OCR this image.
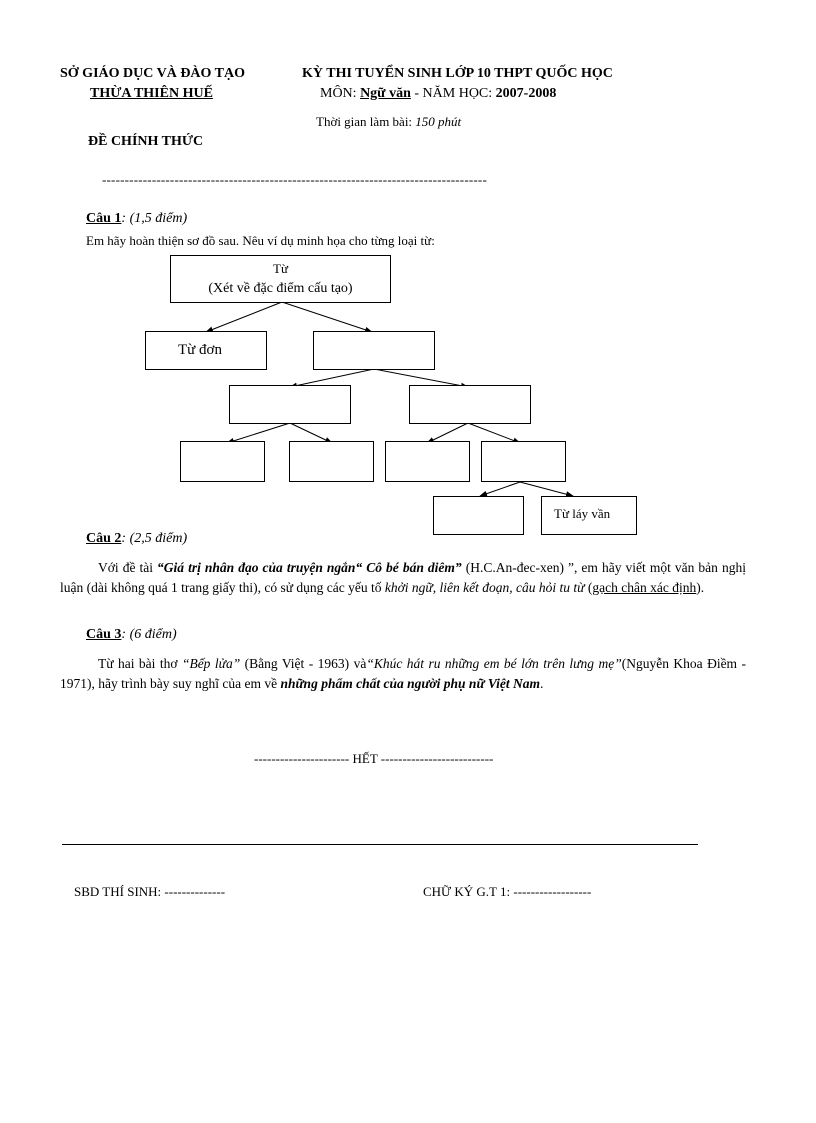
SỞ GIÁO DỤC VÀ ĐÀO TẠO
THỪA THIÊN HUẾ
KỲ THI TUYỂN SINH LỚP 10 THPT QUỐC HỌC
MÔN: Ngữ văn - NĂM HỌC: 2007-2008
Thời gian làm bài: 150 phút
ĐỀ CHÍNH THỨC
-------------------------------------------------------------------------------------
Câu 1: (1,5 điểm)
Em hãy hoàn thiện sơ đồ sau. Nêu ví dụ minh họa cho từng loại từ:
Từ
(Xét về đặc điểm cấu tạo)
Từ đơn
Từ láy vần
Câu 2: (2,5 điểm)
Với đề tài “Giá trị nhân đạo của truyện ngắn“ Cô bé bán diêm” (H.C.An-đec-xen) ”, em hãy viết một văn bản nghị luận (dài không quá 1 trang giấy thi), có sử dụng các yếu tố khởi ngữ, liên kết đoạn, câu hỏi tu từ (gạch chân xác định).
Câu 3: (6 điểm)
Từ hai bài thơ “Bếp lửa” (Bằng Việt - 1963) và“Khúc hát ru những em bé lớn trên lưng mẹ”(Nguyễn Khoa Điềm - 1971), hãy trình bày suy nghĩ của em về những phẩm chất của người phụ nữ Việt Nam.
---------------------- HẾT --------------------------
SBD THÍ SINH: --------------	CHỮ KÝ G.T 1: ------------------
